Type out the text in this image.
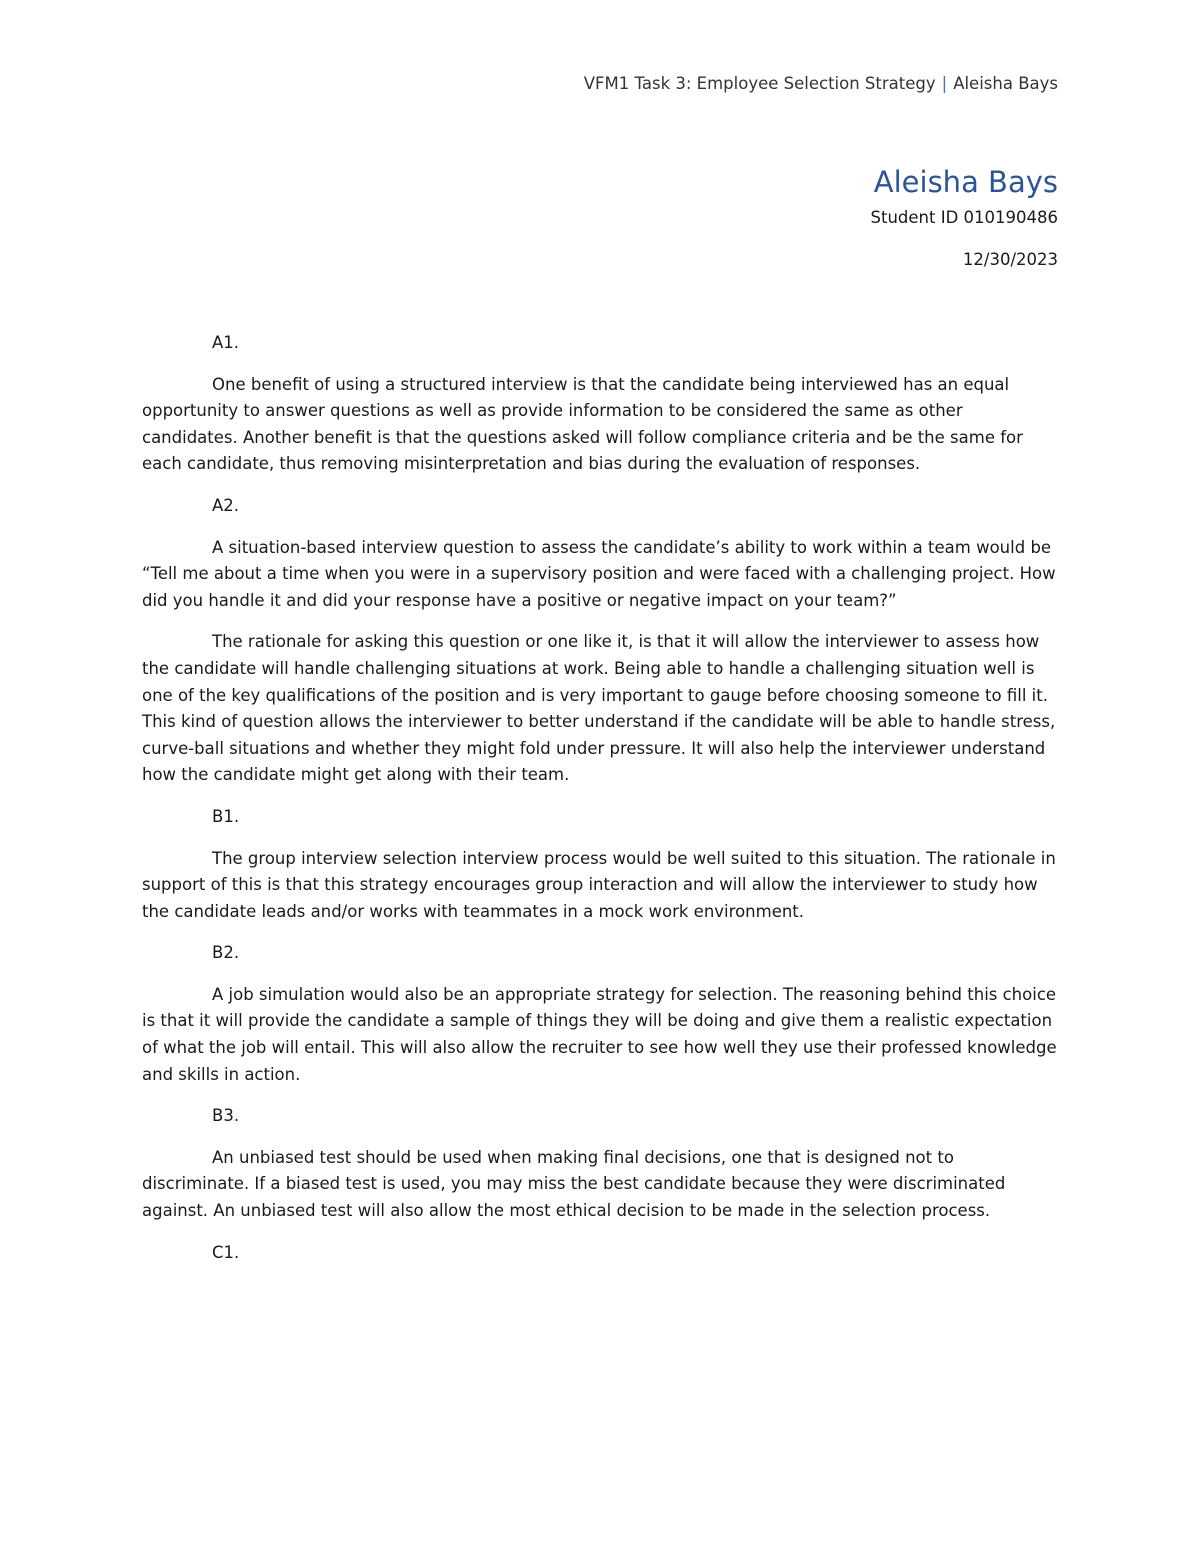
VFM1 Task 3: Employee Selection Strategy | Aleisha Bays
Aleisha Bays
Student ID 010190486
12/30/2023

A1.

One benefit of using a structured interview is that the candidate being interviewed has an equal opportunity to answer questions as well as provide information to be considered the same as other candidates. Another benefit is that the questions asked will follow compliance criteria and be the same for each candidate, thus removing misinterpretation and bias during the evaluation of responses.

A2.

A situation-based interview question to assess the candidate’s ability to work within a team would be “Tell me about a time when you were in a supervisory position and were faced with a challenging project. How did you handle it and did your response have a positive or negative impact on your team?”

The rationale for asking this question or one like it, is that it will allow the interviewer to assess how the candidate will handle challenging situations at work. Being able to handle a challenging situation well is one of the key qualifications of the position and is very important to gauge before choosing someone to fill it. This kind of question allows the interviewer to better understand if the candidate will be able to handle stress, curve-ball situations and whether they might fold under pressure. It will also help the interviewer understand how the candidate might get along with their team.

B1.

The group interview selection interview process would be well suited to this situation. The rationale in support of this is that this strategy encourages group interaction and will allow the interviewer to study how the candidate leads and/or works with teammates in a mock work environment.

B2.

A job simulation would also be an appropriate strategy for selection. The reasoning behind this choice is that it will provide the candidate a sample of things they will be doing and give them a realistic expectation of what the job will entail. This will also allow the recruiter to see how well they use their professed knowledge and skills in action.

B3.

An unbiased test should be used when making final decisions, one that is designed not to discriminate. If a biased test is used, you may miss the best candidate because they were discriminated against. An unbiased test will also allow the most ethical decision to be made in the selection process.

C1.
